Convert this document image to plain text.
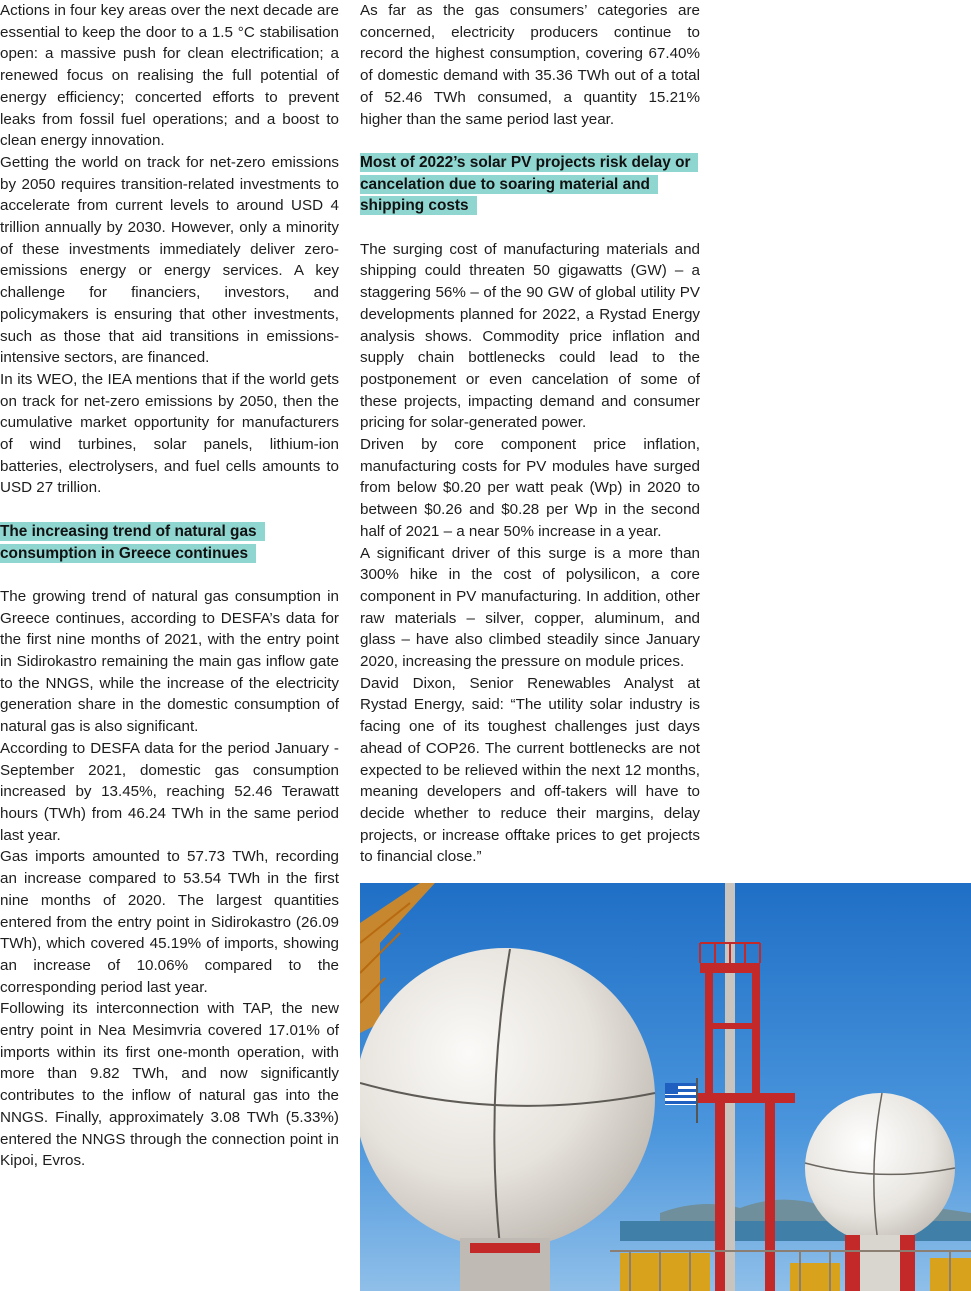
Actions in four key areas over the next decade are essential to keep the door to a 1.5 °C stabilisation open: a massive push for clean electrification; a renewed focus on realising the full potential of energy efficiency; concerted efforts to prevent leaks from fossil fuel operations; and a boost to clean energy innovation.

Getting the world on track for net-zero emissions by 2050 requires transition-related investments to accelerate from current levels to around USD 4 trillion annually by 2030. However, only a minority of these investments immediately deliver zero-emissions energy or energy services. A key challenge for financiers, investors, and policymakers is ensuring that other investments, such as those that aid transitions in emissions-intensive sectors, are financed.

In its WEO, the IEA mentions that if the world gets on track for net-zero emissions by 2050, then the cumulative market opportunity for manufacturers of wind turbines, solar panels, lithium-ion batteries, electrolysers, and fuel cells amounts to USD 27 trillion.

The increasing trend of natural gas consumption in Greece continues

The growing trend of natural gas consumption in Greece continues, according to DESFA’s data for the first nine months of 2021, with the entry point in Sidirokastro remaining the main gas inflow gate to the NNGS, while the increase of the electricity generation share in the domestic consumption of natural gas is also significant.

According to DESFA data for the period January - September 2021, domestic gas consumption increased by 13.45%, reaching 52.46 Terawatt hours (TWh) from 46.24 TWh in the same period last year.

Gas imports amounted to 57.73 TWh, recording an increase compared to 53.54 TWh in the first nine months of 2020. The largest quantities entered from the entry point in Sidirokastro (26.09 TWh), which covered 45.19% of imports, showing an increase of 10.06% compared to the corresponding period last year.

Following its interconnection with TAP, the new entry point in Nea Mesimvria covered 17.01% of imports within its first one-month operation, with more than 9.82 TWh, and now significantly contributes to the inflow of natural gas into the NNGS. Finally, approximately 3.08 TWh (5.33%) entered the NNGS through the connection point in Kipoi, Evros.

As far as the gas consumers’ categories are concerned, electricity producers continue to record the highest consumption, covering 67.40% of domestic demand with 35.36 TWh out of a total of 52.46 TWh consumed, a quantity 15.21% higher than the same period last year.

Most of 2022’s solar PV projects risk delay or cancelation due to soaring material and shipping costs

The surging cost of manufacturing materials and shipping could threaten 50 gigawatts (GW) – a staggering 56% – of the 90 GW of global utility PV developments planned for 2022, a Rystad Energy analysis shows. Commodity price inflation and supply chain bottlenecks could lead to the postponement or even cancelation of some of these projects, impacting demand and consumer pricing for solar-generated power.

Driven by core component price inflation, manufacturing costs for PV modules have surged from below $0.20 per watt peak (Wp) in 2020 to between $0.26 and $0.28 per Wp in the second half of 2021 – a near 50% increase in a year.

A significant driver of this surge is a more than 300% hike in the cost of polysilicon, a core component in PV manufacturing. In addition, other raw materials – silver, copper, aluminum, and glass – have also climbed steadily since January 2020, increasing the pressure on module prices.

David Dixon, Senior Renewables Analyst at Rystad Energy, said: “The utility solar industry is facing one of its toughest challenges just days ahead of COP26. The current bottlenecks are not expected to be relieved within the next 12 months, meaning developers and off-takers will have to decide whether to reduce their margins, delay projects, or increase offtake prices to get projects to financial close.”
